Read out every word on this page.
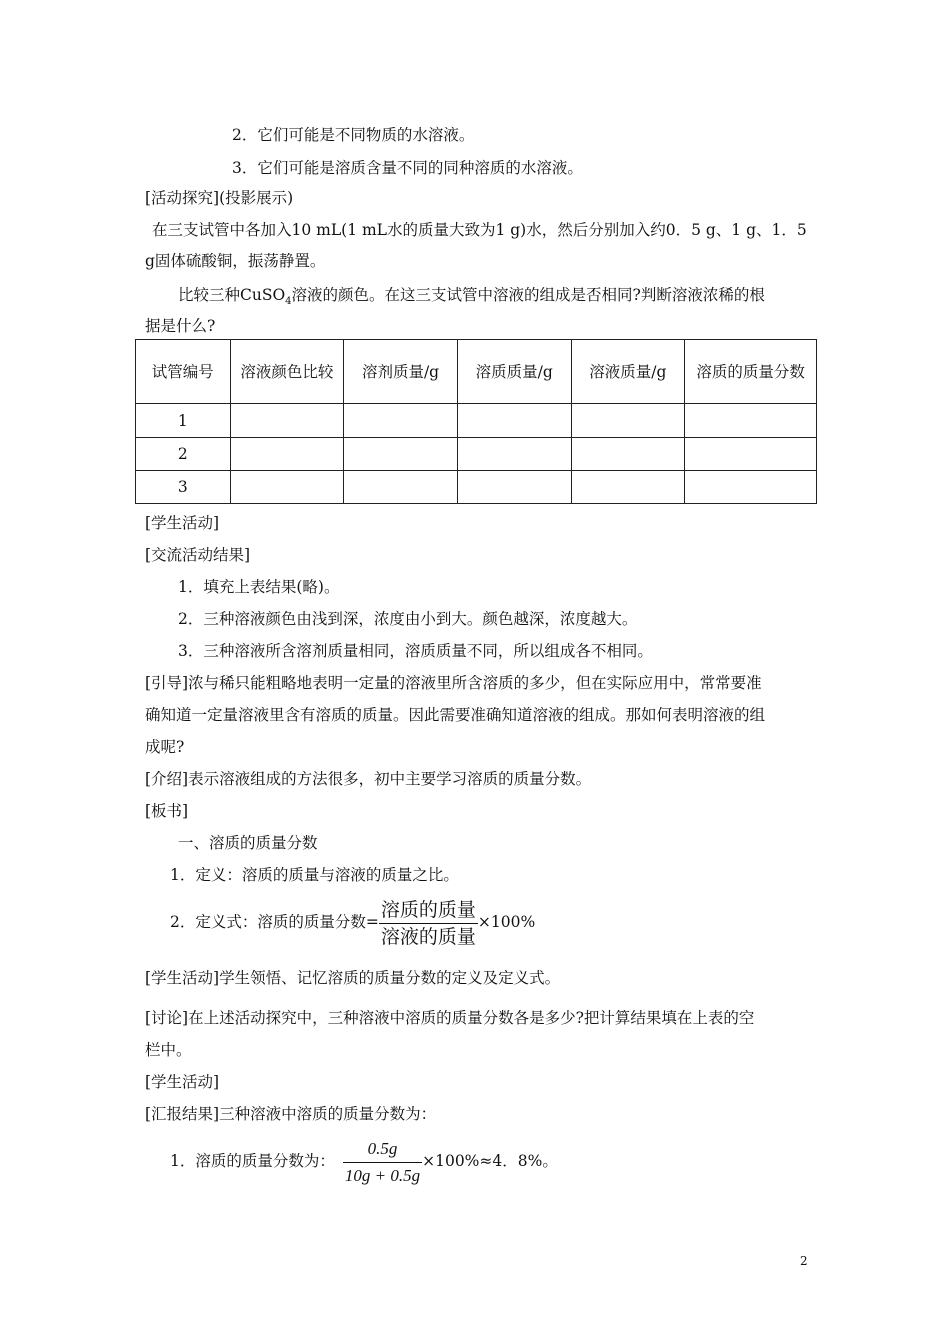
2．它们可能是不同物质的水溶液。
3．它们可能是溶质含量不同的同种溶质的水溶液。
[活动探究](投影展示)
在三支试管中各加入10 mL(1 mL水的质量大致为1 g)水，然后分别加入约0．5 g、1 g、1．5
g固体硫酸铜，振荡静置。
比较三种CuSO$_4$溶液的颜色。在这三支试管中溶液的组成是否相同?判断溶液浓稀的根
据是什么?
试管编号	溶液颜色比较	溶剂质量/g	溶质质量/g	溶液质量/g	溶质的质量分数
1					
2					
3					
[学生活动]
[交流活动结果]
1．填充上表结果(略)。
2．三种溶液颜色由浅到深，浓度由小到大。颜色越深，浓度越大。
3．三种溶液所含溶剂质量相同，溶质质量不同，所以组成各不相同。
[引导]浓与稀只能粗略地表明一定量的溶液里所含溶质的多少，但在实际应用中，常常要准
确知道一定量溶液里含有溶质的质量。因此需要准确知道溶液的组成。那如何表明溶液的组
成呢?
[介绍]表示溶液组成的方法很多，初中主要学习溶质的质量分数。
[板书]
一、溶质的质量分数
1．定义：溶质的质量与溶液的质量之比。
2．定义式：溶质的质量分数= $\frac{\text{溶质的质量}}{\text{溶液的质量}} \times 100\%$
[学生活动]学生领悟、记忆溶质的质量分数的定义及定义式。
[讨论]在上述活动探究中，三种溶液中溶质的质量分数各是多少?把计算结果填在上表的空
栏中。
[学生活动]
[汇报结果]三种溶液中溶质的质量分数为：
1．溶质的质量分数为： $\frac{0.5g}{10g + 0.5g} \times 100\%\approx 4$．8%。
2
